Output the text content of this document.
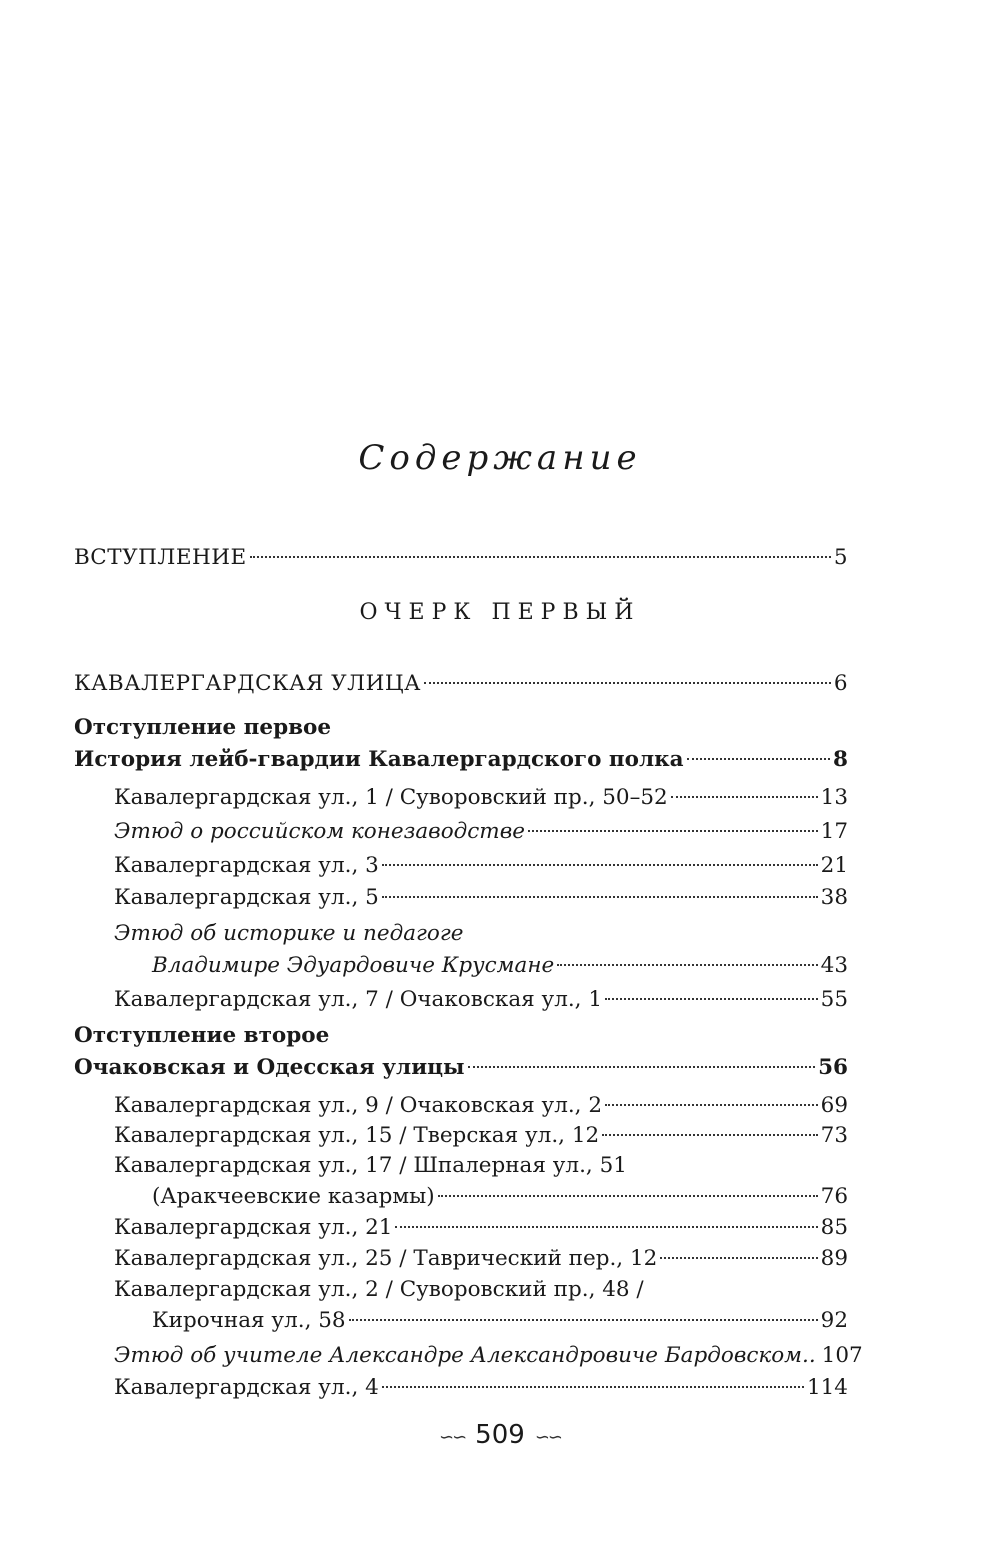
Содержание
ВСТУПЛЕНИЕ	5
ОЧЕРК ПЕРВЫЙ
КАВАЛЕРГАРДСКАЯ УЛИЦА	6
Отступление первое
История лейб-гвардии Кавалергардского полка	8
Кавалергардская ул., 1 / Суворовский пр., 50–52	13
Этюд о российском конезаводстве	17
Кавалергардская ул., 3	21
Кавалергардская ул., 5	38
Этюд об историке и педагоге
Владимире Эдуардовиче Крусмане	43
Кавалергардская ул., 7 / Очаковская ул., 1	55
Отступление второе
Очаковская и Одесская улицы	56
Кавалергардская ул., 9 / Очаковская ул., 2	69
Кавалергардская ул., 15 / Тверская ул., 12	73
Кавалергардская ул., 17 / Шпалерная ул., 51
(Аракчеевские казармы)	76
Кавалергардская ул., 21	85
Кавалергардская ул., 25 / Таврический пер., 12	89
Кавалергардская ул., 2 / Суворовский пр., 48 /
Кирочная ул., 58	92
Этюд об учителе Александре Александровиче Бардовском.. 107
Кавалергардская ул., 4	114
∽∽ 509 ∽∽
